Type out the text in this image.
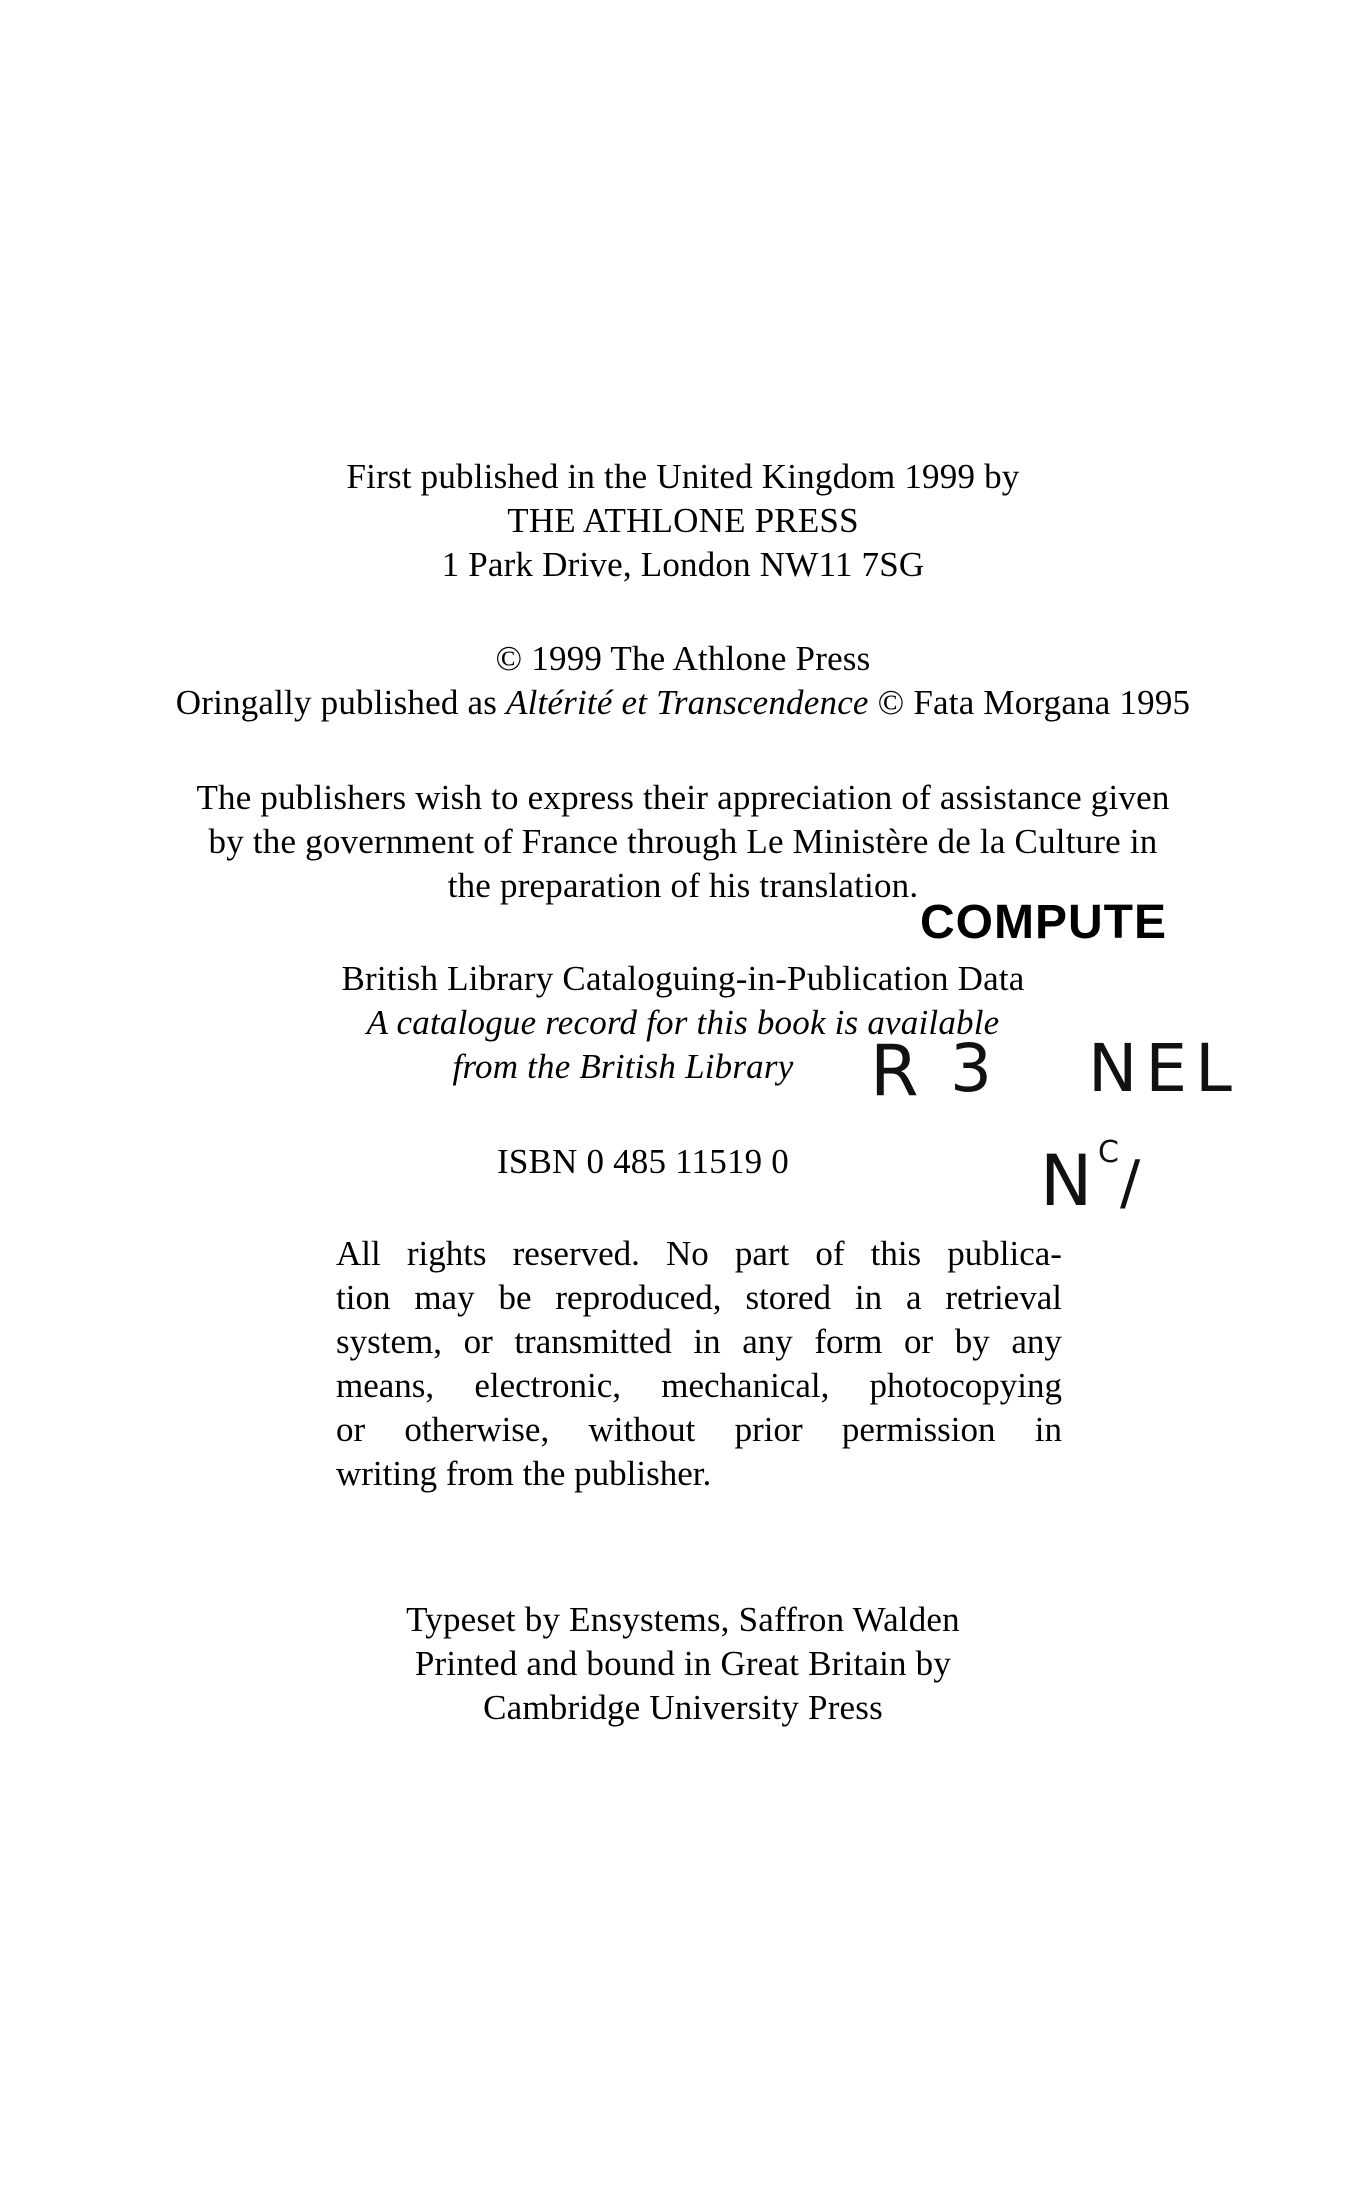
First published in the United Kingdom 1999 by
THE ATHLONE PRESS
1 Park Drive, London NW11 7SG
© 1999 The Athlone Press
Oringally published as Altérité et Transcendence © Fata Morgana 1995
The publishers wish to express their appreciation of assistance given
by the government of France through Le Ministère de la Culture in
the preparation of his translation.
COMPUTE
British Library Cataloguing-in-Publication Data
A catalogue record for this book is available
from the British Library	R 3 NEL
N C /
ISBN 0 485 11519 0
All rights reserved. No part of this publica-
tion may be reproduced, stored in a retrieval
system, or transmitted in any form or by any
means, electronic, mechanical, photocopying
or otherwise, without prior permission in
writing from the publisher.
Typeset by Ensystems, Saffron Walden
Printed and bound in Great Britain by
Cambridge University Press
